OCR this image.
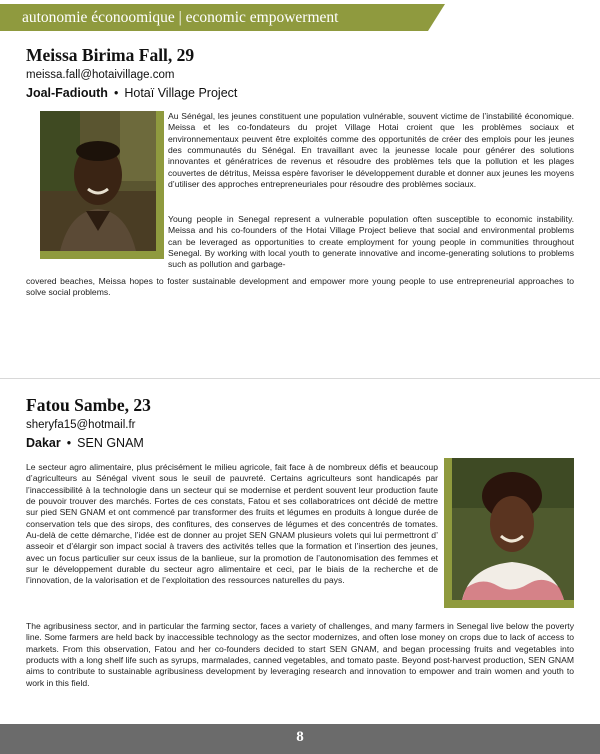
autonomie éconoomique | economic empowerment
Meissa Birima Fall, 29
meissa.fall@hotaivillage.com
Joal-Fadiouth • Hotaï Village Project
Au Sénégal, les jeunes constituent une population vulnérable, souvent victime de l’instabilité économique. Meissa et les co-fondateurs du projet Village Hotai croient que les problèmes sociaux et environnementaux peuvent être exploités comme des opportunités de créer des emplois pour les jeunes des communautés du Sénégal. En travaillant avec la jeunesse locale pour générer des solutions innovantes et génératrices de revenus et résoudre des problèmes tels que la pollution et les plages couvertes de détritus, Meissa espère favoriser le développement durable et donner aux jeunes les moyens d’utiliser des approches entrepreneuriales pour résoudre des problèmes sociaux.
Young people in Senegal represent a vulnerable population often susceptible to economic instability. Meissa and his co-founders of the Hotai Village Project believe that social and environmental problems can be leveraged as opportunities to create employment for young people in communities throughout Senegal. By working with local youth to generate innovative and income-generating solutions to problems such as pollution and garbage-
covered beaches, Meissa hopes to foster sustainable development and empower more young people to use entrepreneurial approaches to solve social problems.
Fatou Sambe, 23
sheryfa15@hotmail.fr
Dakar • SEN GNAM
Le secteur agro alimentaire, plus précisément le milieu agricole, fait face à de nombreux défis et beaucoup d’agriculteurs au Sénégal vivent sous le seuil de pauvreté. Certains agriculteurs sont handicapés par l’inaccessibilité à la technologie dans un secteur qui se modernise et perdent souvent leur production faute de pouvoir trouver des marchés. Fortes de ces constats, Fatou et ses collaboratrices ont décidé de mettre sur pied SEN GNAM et ont commencé par transformer des fruits et légumes en produits à longue durée de conservation tels que des sirops, des confitures, des conserves de légumes et des concentrés de tomates. Au-delà de cette démarche, l’idée est de donner au projet SEN GNAM plusieurs volets qui lui permettront d’ asseoir et d’élargir son impact social à travers des activités telles que la formation et l’insertion des jeunes, avec un focus particulier sur ceux issus de la banlieue, sur la promotion de l’autonomisation des femmes et sur le développement durable du secteur agro alimentaire et ceci, par le biais de la recherche et de l’innovation, de la valorisation et de l’exploitation des ressources naturelles du pays.
The agribusiness sector, and in particular the farming sector, faces a variety of challenges, and many farmers in Senegal live below the poverty line. Some farmers are held back by inaccessible technology as the sector modernizes, and often lose money on crops due to lack of access to markets. From this observation, Fatou and her co-founders decided to start SEN GNAM, and began processing fruits and vegetables into products with a long shelf life such as syrups, marmalades, canned vegetables, and tomato paste. Beyond post-harvest production, SEN GNAM aims to contribute to sustainable agribusiness development by leveraging research and innovation to empower and train women and youth to work in this field.
8
